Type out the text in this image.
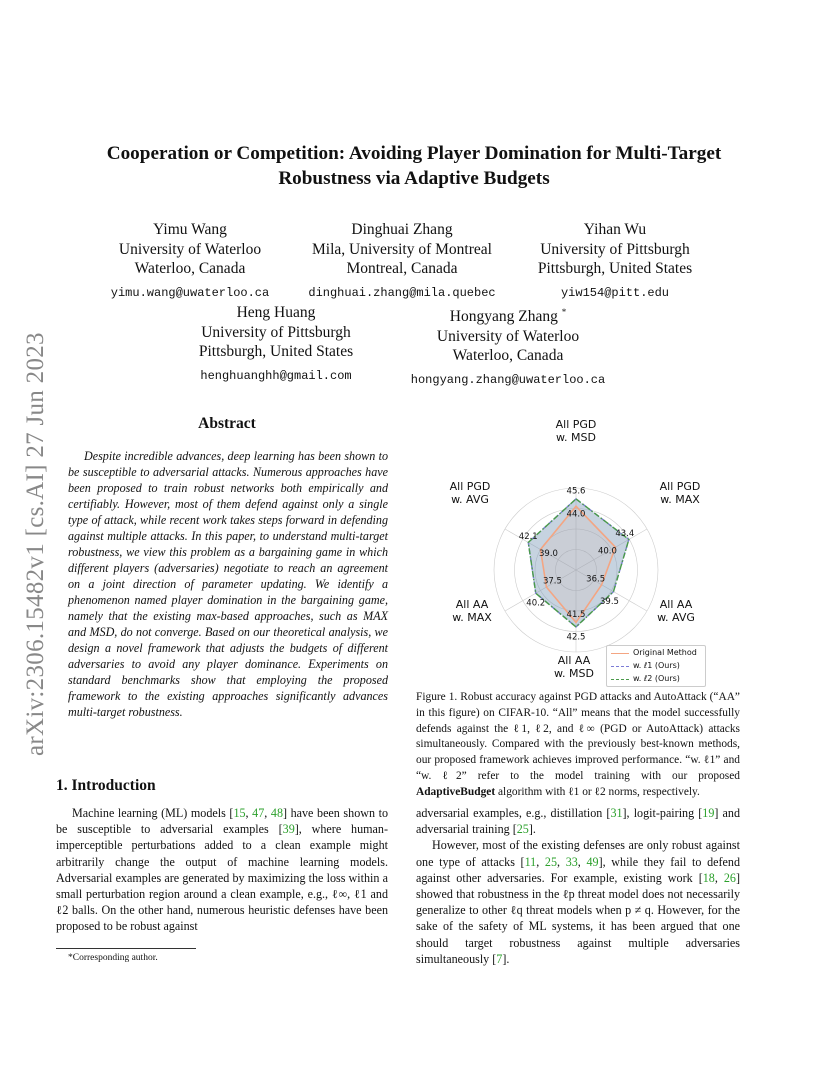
arXiv:2306.15482v1 [cs.AI] 27 Jun 2023
Cooperation or Competition: Avoiding Player Domination for Multi-Target
Robustness via Adaptive Budgets
Yimu Wang
University of Waterloo
Waterloo, Canada
yimu.wang@uwaterloo.ca
Dinghuai Zhang
Mila, University of Montreal
Montreal, Canada
dinghuai.zhang@mila.quebec
Yihan Wu
University of Pittsburgh
Pittsburgh, United States
yiw154@pitt.edu
Heng Huang
University of Pittsburgh
Pittsburgh, United States
henghuanghh@gmail.com
Hongyang Zhang *
University of Waterloo
Waterloo, Canada
hongyang.zhang@uwaterloo.ca
Abstract

Despite incredible advances, deep learning has been shown to be susceptible to adversarial attacks. Numerous approaches have been proposed to train robust networks both empirically and certifiably. However, most of them defend against only a single type of attack, while recent work takes steps forward in defending against multiple attacks. In this paper, to understand multi-target robustness, we view this problem as a bargaining game in which different players (adversaries) negotiate to reach an agreement on a joint direction of parameter updating. We identify a phenomenon named player domination in the bargaining game, namely that the existing max-based approaches, such as MAX and MSD, do not converge. Based on our theoretical analysis, we design a novel framework that adjusts the budgets of different adversaries to avoid any player dominance. Experiments on standard benchmarks show that employing the proposed framework to the existing approaches significantly advances multi-target robustness.

1. Introduction

Machine learning (ML) models [15, 47, 48] have been shown to be susceptible to adversarial examples [39], where human-imperceptible perturbations added to a clean example might arbitrarily change the output of machine learning models. Adversarial examples are generated by maximizing the loss within a small perturbation region around a clean example, e.g., ℓ∞, ℓ1 and ℓ2 balls. On the other hand, numerous heuristic defenses have been proposed to be robust against

*Corresponding author.
44.0
40.0
36.5
41.5
37.5
39.0
45.6
43.4
39.5
42.5
40.2
42.1
All PGD
w. MSD
All PGD
w. MAX
All AA
w. AVG
All AA
w. MSD
All AA
w. MAX
All PGD
w. AVG
Original Method
w. ℓ1 (Ours)
w. ℓ2 (Ours)

Figure 1. Robust accuracy against PGD attacks and AutoAttack (“AA” in this figure) on CIFAR-10. “All” means that the model successfully defends against the ℓ1, ℓ2, and ℓ∞ (PGD or AutoAttack) attacks simultaneously. Compared with the previously best-known methods, our proposed framework achieves improved performance. “w. ℓ1” and “w. ℓ2” refer to the model training with our proposed AdaptiveBudget algorithm with ℓ1 or ℓ2 norms, respectively.

adversarial examples, e.g., distillation [31], logit-pairing [19] and adversarial training [25].
However, most of the existing defenses are only robust against one type of attacks [11, 25, 33, 49], while they fail to defend against other adversaries. For example, existing work [18, 26] showed that robustness in the ℓp threat model does not necessarily generalize to other ℓq threat models when p ≠ q. However, for the sake of the safety of ML systems, it has been argued that one should target robustness against multiple adversaries simultaneously [7].
